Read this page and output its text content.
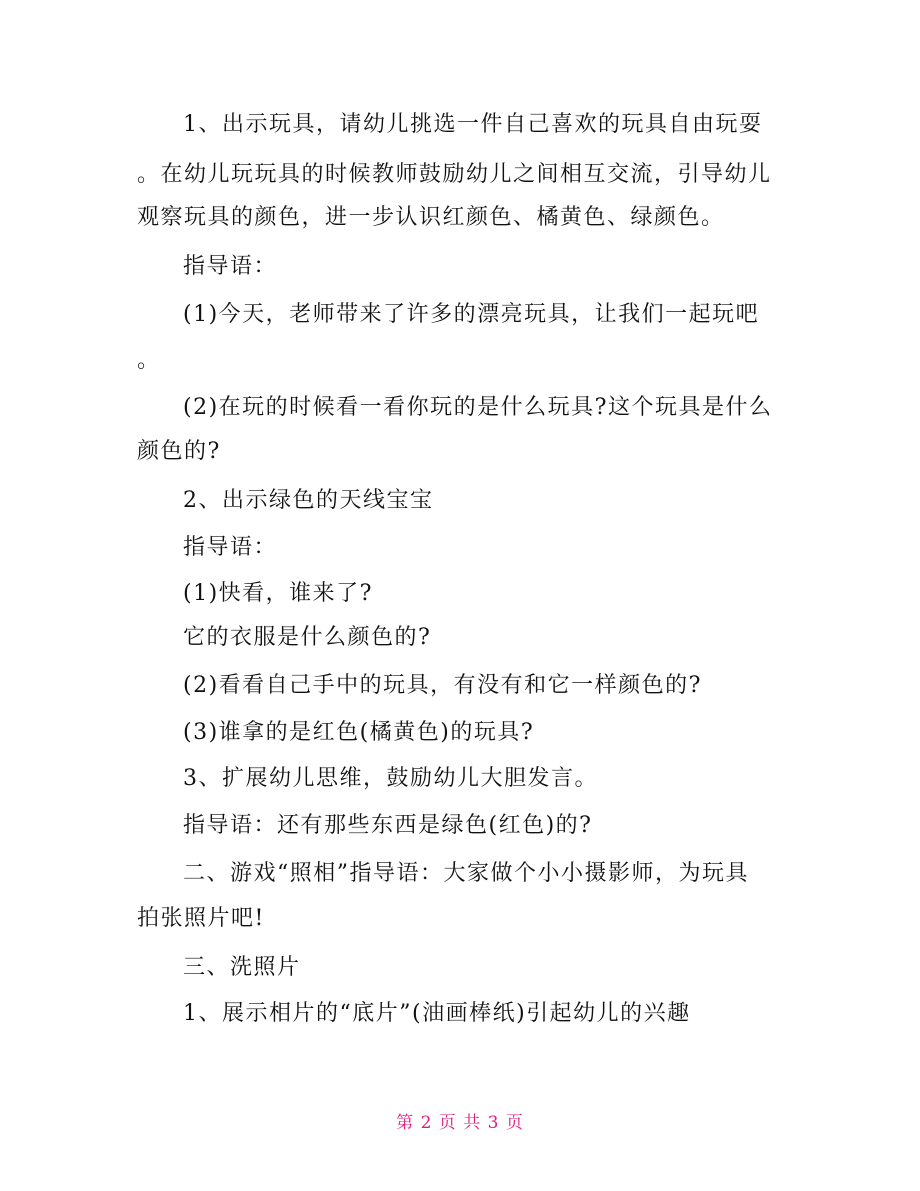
1、出示玩具，请幼儿挑选一件自己喜欢的玩具自由玩耍
。在幼儿玩玩具的时候教师鼓励幼儿之间相互交流，引导幼儿
观察玩具的颜色，进一步认识红颜色、橘黄色、绿颜色。
指导语：
(1)今天，老师带来了许多的漂亮玩具，让我们一起玩吧
。
(2)在玩的时候看一看你玩的是什么玩具?这个玩具是什么
颜色的?
2、出示绿色的天线宝宝
指导语：
(1)快看，谁来了?
它的衣服是什么颜色的?
(2)看看自己手中的玩具，有没有和它一样颜色的?
(3)谁拿的是红色(橘黄色)的玩具?
3、扩展幼儿思维，鼓励幼儿大胆发言。
指导语：还有那些东西是绿色(红色)的?
二、游戏“照相”指导语：大家做个小小摄影师，为玩具
拍张照片吧!
三、洗照片
1、展示相片的“底片”(油画棒纸)引起幼儿的兴趣
第 2 页 共 3 页
